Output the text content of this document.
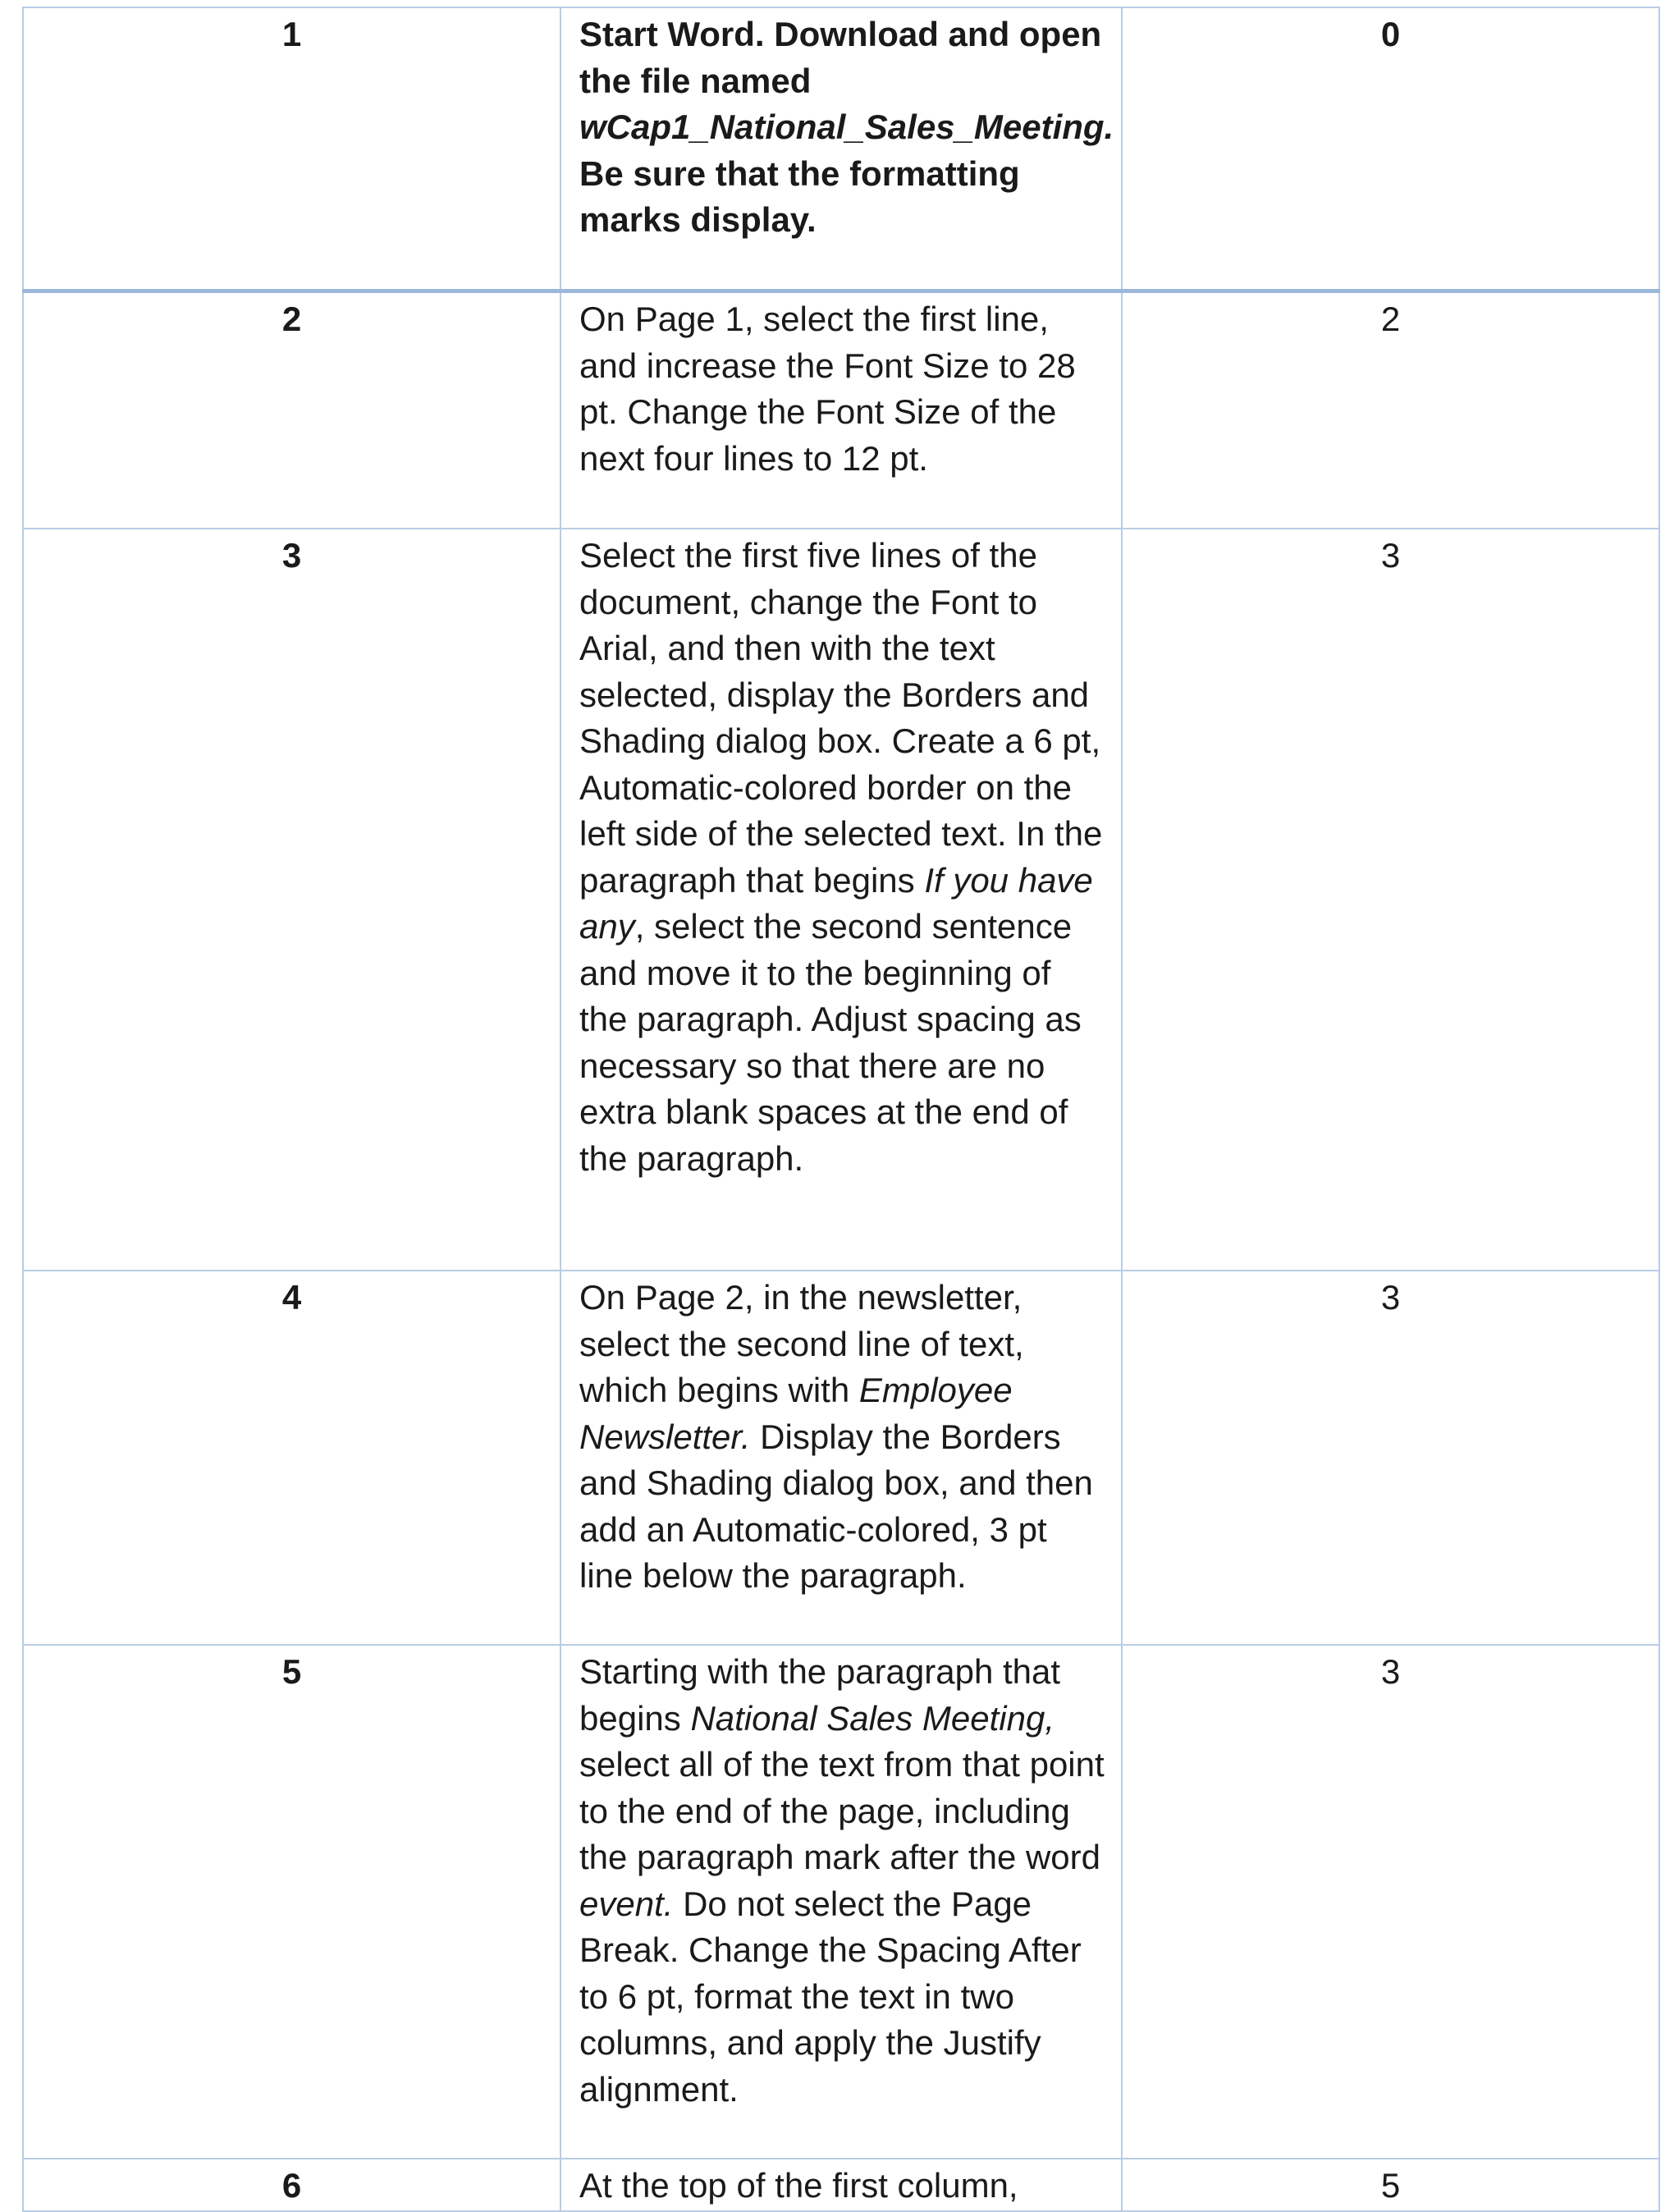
1	Start Word. Download and open the file named wCap1_National_Sales_Meeting. Be sure that the formatting marks display.	0
2	On Page 1, select the first line, and increase the Font Size to 28 pt. Change the Font Size of the next four lines to 12 pt.	2
3	Select the first five lines of the document, change the Font to Arial, and then with the text selected, display the Borders and Shading dialog box. Create a 6 pt, Automatic-colored border on the left side of the selected text. In the paragraph that begins If you have any, select the second sentence and move it to the beginning of the paragraph. Adjust spacing as necessary so that there are no extra blank spaces at the end of the paragraph.	3
4	On Page 2, in the newsletter, select the second line of text, which begins with Employee Newsletter. Display the Borders and Shading dialog box, and then add an Automatic-colored, 3 pt line below the paragraph.	3
5	Starting with the paragraph that begins National Sales Meeting, select all of the text from that point to the end of the page, including the paragraph mark after the word event. Do not select the Page Break. Change the Spacing After to 6 pt, format the text in two columns, and apply the Justify alignment.	3
6	At the top of the first column,	5
